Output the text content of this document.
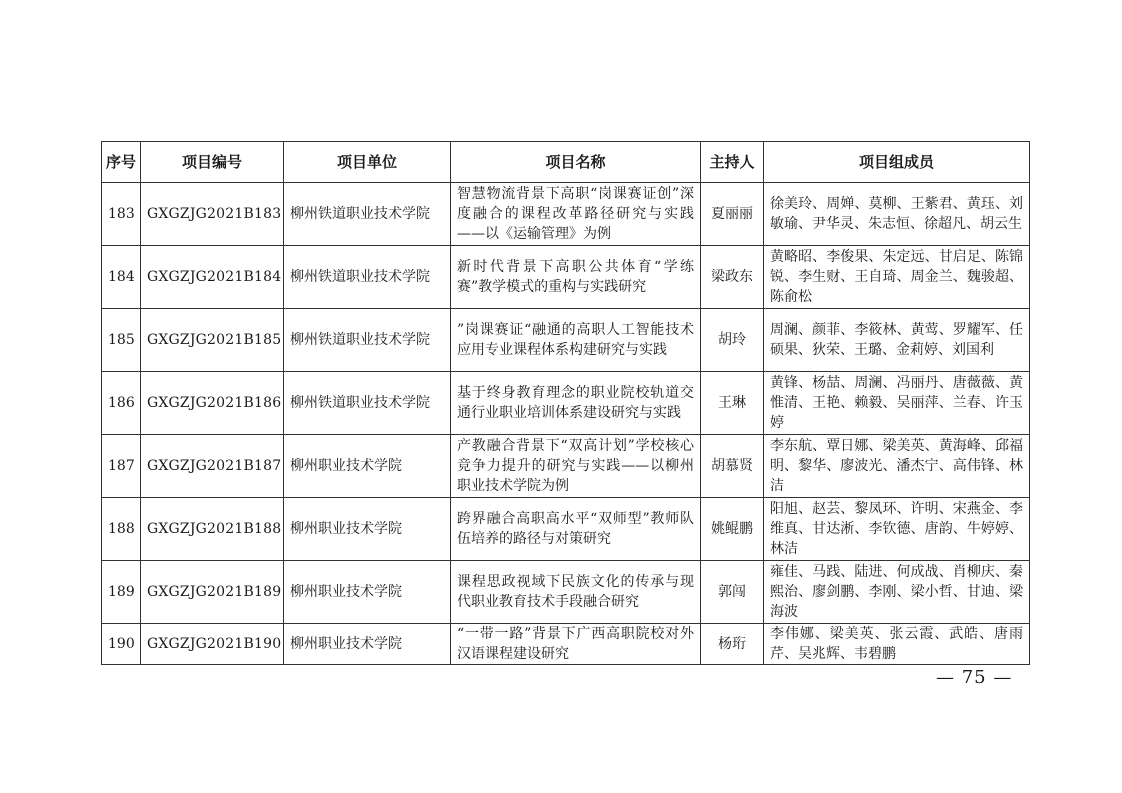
序号	项目编号	项目单位	项目名称	主持人	项目组成员
183	GXGZJG2021B183	柳州铁道职业技术学院	智慧物流背景下高职“岗课赛证创”深度融合的课程改革路径研究与实践——以《运输管理》为例	夏丽丽	徐美玲、周婵、莫柳、王紫君、黄珏、刘敏瑜、尹华灵、朱志恒、徐超凡、胡云生
184	GXGZJG2021B184	柳州铁道职业技术学院	新时代背景下高职公共体育“学练赛”教学模式的重构与实践研究	梁政东	黄略昭、李俊果、朱定远、甘启足、陈锦锐、李生财、王自琦、周金兰、魏骏超、陈俞松
185	GXGZJG2021B185	柳州铁道职业技术学院	”岗课赛证“融通的高职人工智能技术应用专业课程体系构建研究与实践	胡玲	周澜、颜菲、李筱林、黄莺、罗耀军、任硕果、狄荣、王璐、金莉婷、刘国利
186	GXGZJG2021B186	柳州铁道职业技术学院	基于终身教育理念的职业院校轨道交通行业职业培训体系建设研究与实践	王琳	黄锋、杨喆、周澜、冯丽丹、唐薇薇、黄惟清、王艳、赖毅、吴丽萍、兰春、许玉婷
187	GXGZJG2021B187	柳州职业技术学院	产教融合背景下“双高计划”学校核心竞争力提升的研究与实践——以柳州职业技术学院为例	胡慕贤	李东航、覃日娜、梁美英、黄海峰、邱福明、黎华、廖波光、潘杰宁、高伟锋、林洁
188	GXGZJG2021B188	柳州职业技术学院	跨界融合高职高水平“双师型”教师队伍培养的路径与对策研究	姚鲲鹏	阳旭、赵芸、黎凤环、许明、宋燕金、李维真、甘达淅、李钦德、唐韵、牛婷婷、林洁
189	GXGZJG2021B189	柳州职业技术学院	课程思政视域下民族文化的传承与现代职业教育技术手段融合研究	郭闯	雍佳、马践、陆进、何成战、肖柳庆、秦熙治、廖剑鹏、李刚、梁小哲、甘迪、梁海波
190	GXGZJG2021B190	柳州职业技术学院	“一带一路”背景下广西高职院校对外汉语课程建设研究	杨珩	李伟娜、梁美英、张云霞、武皓、唐雨芹、吴兆辉、韦碧鹏
— 75 —
